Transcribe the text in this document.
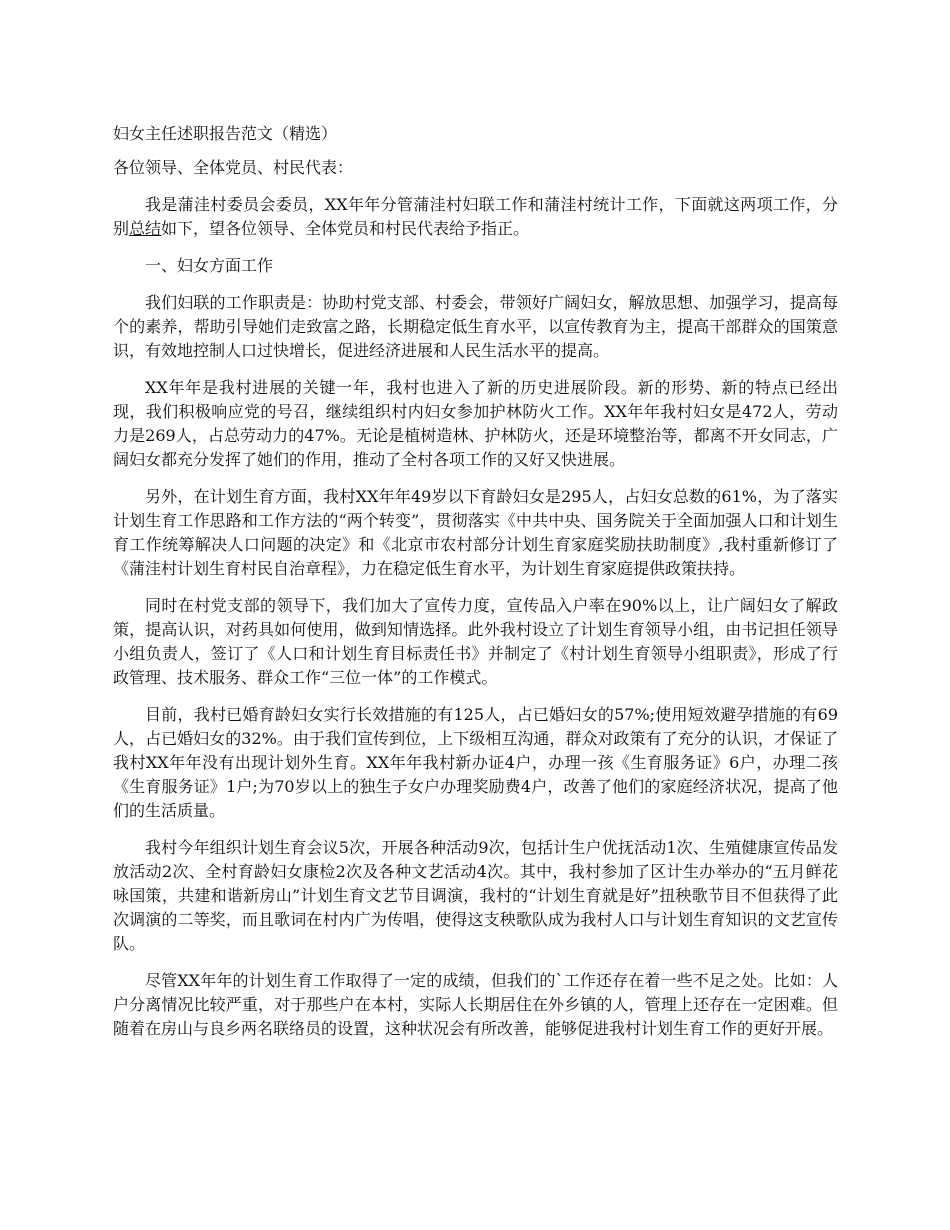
妇女主任述职报告范文（精选）
各位领导、全体党员、村民代表：
我是蒲洼村委员会委员，XX年年分管蒲洼村妇联工作和蒲洼村统计工作，下面就这两项工作，分别总结如下，望各位领导、全体党员和村民代表给予指正。
一、妇女方面工作
我们妇联的工作职责是：协助村党支部、村委会，带领好广阔妇女，解放思想、加强学习，提高每个的素养，帮助引导她们走致富之路，长期稳定低生育水平，以宣传教育为主，提高干部群众的国策意识，有效地控制人口过快增长，促进经济进展和人民生活水平的提高。
XX年年是我村进展的关键一年，我村也进入了新的历史进展阶段。新的形势、新的特点已经出现，我们积极响应党的号召，继续组织村内妇女参加护林防火工作。XX年年我村妇女是472人，劳动力是269人，占总劳动力的47%。无论是植树造林、护林防火，还是环境整治等，都离不开女同志，广阔妇女都充分发挥了她们的作用，推动了全村各项工作的又好又快进展。
另外，在计划生育方面，我村XX年年49岁以下育龄妇女是295人，占妇女总数的61%，为了落实计划生育工作思路和工作方法的“两个转变”，贯彻落实《中共中央、国务院关于全面加强人口和计划生育工作统筹解决人口问题的决定》和《北京市农村部分计划生育家庭奖励扶助制度》,我村重新修订了《蒲洼村计划生育村民自治章程》，力在稳定低生育水平，为计划生育家庭提供政策扶持。
同时在村党支部的领导下，我们加大了宣传力度，宣传品入户率在90%以上，让广阔妇女了解政策，提高认识，对药具如何使用，做到知情选择。此外我村设立了计划生育领导小组，由书记担任领导小组负责人，签订了《人口和计划生育目标责任书》并制定了《村计划生育领导小组职责》，形成了行政管理、技术服务、群众工作“三位一体”的工作模式。
目前，我村已婚育龄妇女实行长效措施的有125人，占已婚妇女的57%;使用短效避孕措施的有69人，占已婚妇女的32%。由于我们宣传到位，上下级相互沟通，群众对政策有了充分的认识，才保证了我村XX年年没有出现计划外生育。XX年年我村新办证4户，办理一孩《生育服务证》6户，办理二孩《生育服务证》1户;为70岁以上的独生子女户办理奖励费4户，改善了他们的家庭经济状况，提高了他们的生活质量。
我村今年组织计划生育会议5次，开展各种活动9次，包括计生户优抚活动1次、生殖健康宣传品发放活动2次、全村育龄妇女康检2次及各种文艺活动4次。其中，我村参加了区计生办举办的“五月鲜花咏国策，共建和谐新房山”计划生育文艺节目调演，我村的“计划生育就是好”扭秧歌节目不但获得了此次调演的二等奖，而且歌词在村内广为传唱，使得这支秧歌队成为我村人口与计划生育知识的文艺宣传队。
尽管XX年年的计划生育工作取得了一定的成绩，但我们的`工作还存在着一些不足之处。比如：人户分离情况比较严重，对于那些户在本村，实际人长期居住在外乡镇的人，管理上还存在一定困难。但随着在房山与良乡两名联络员的设置，这种状况会有所改善，能够促进我村计划生育工作的更好开展。
